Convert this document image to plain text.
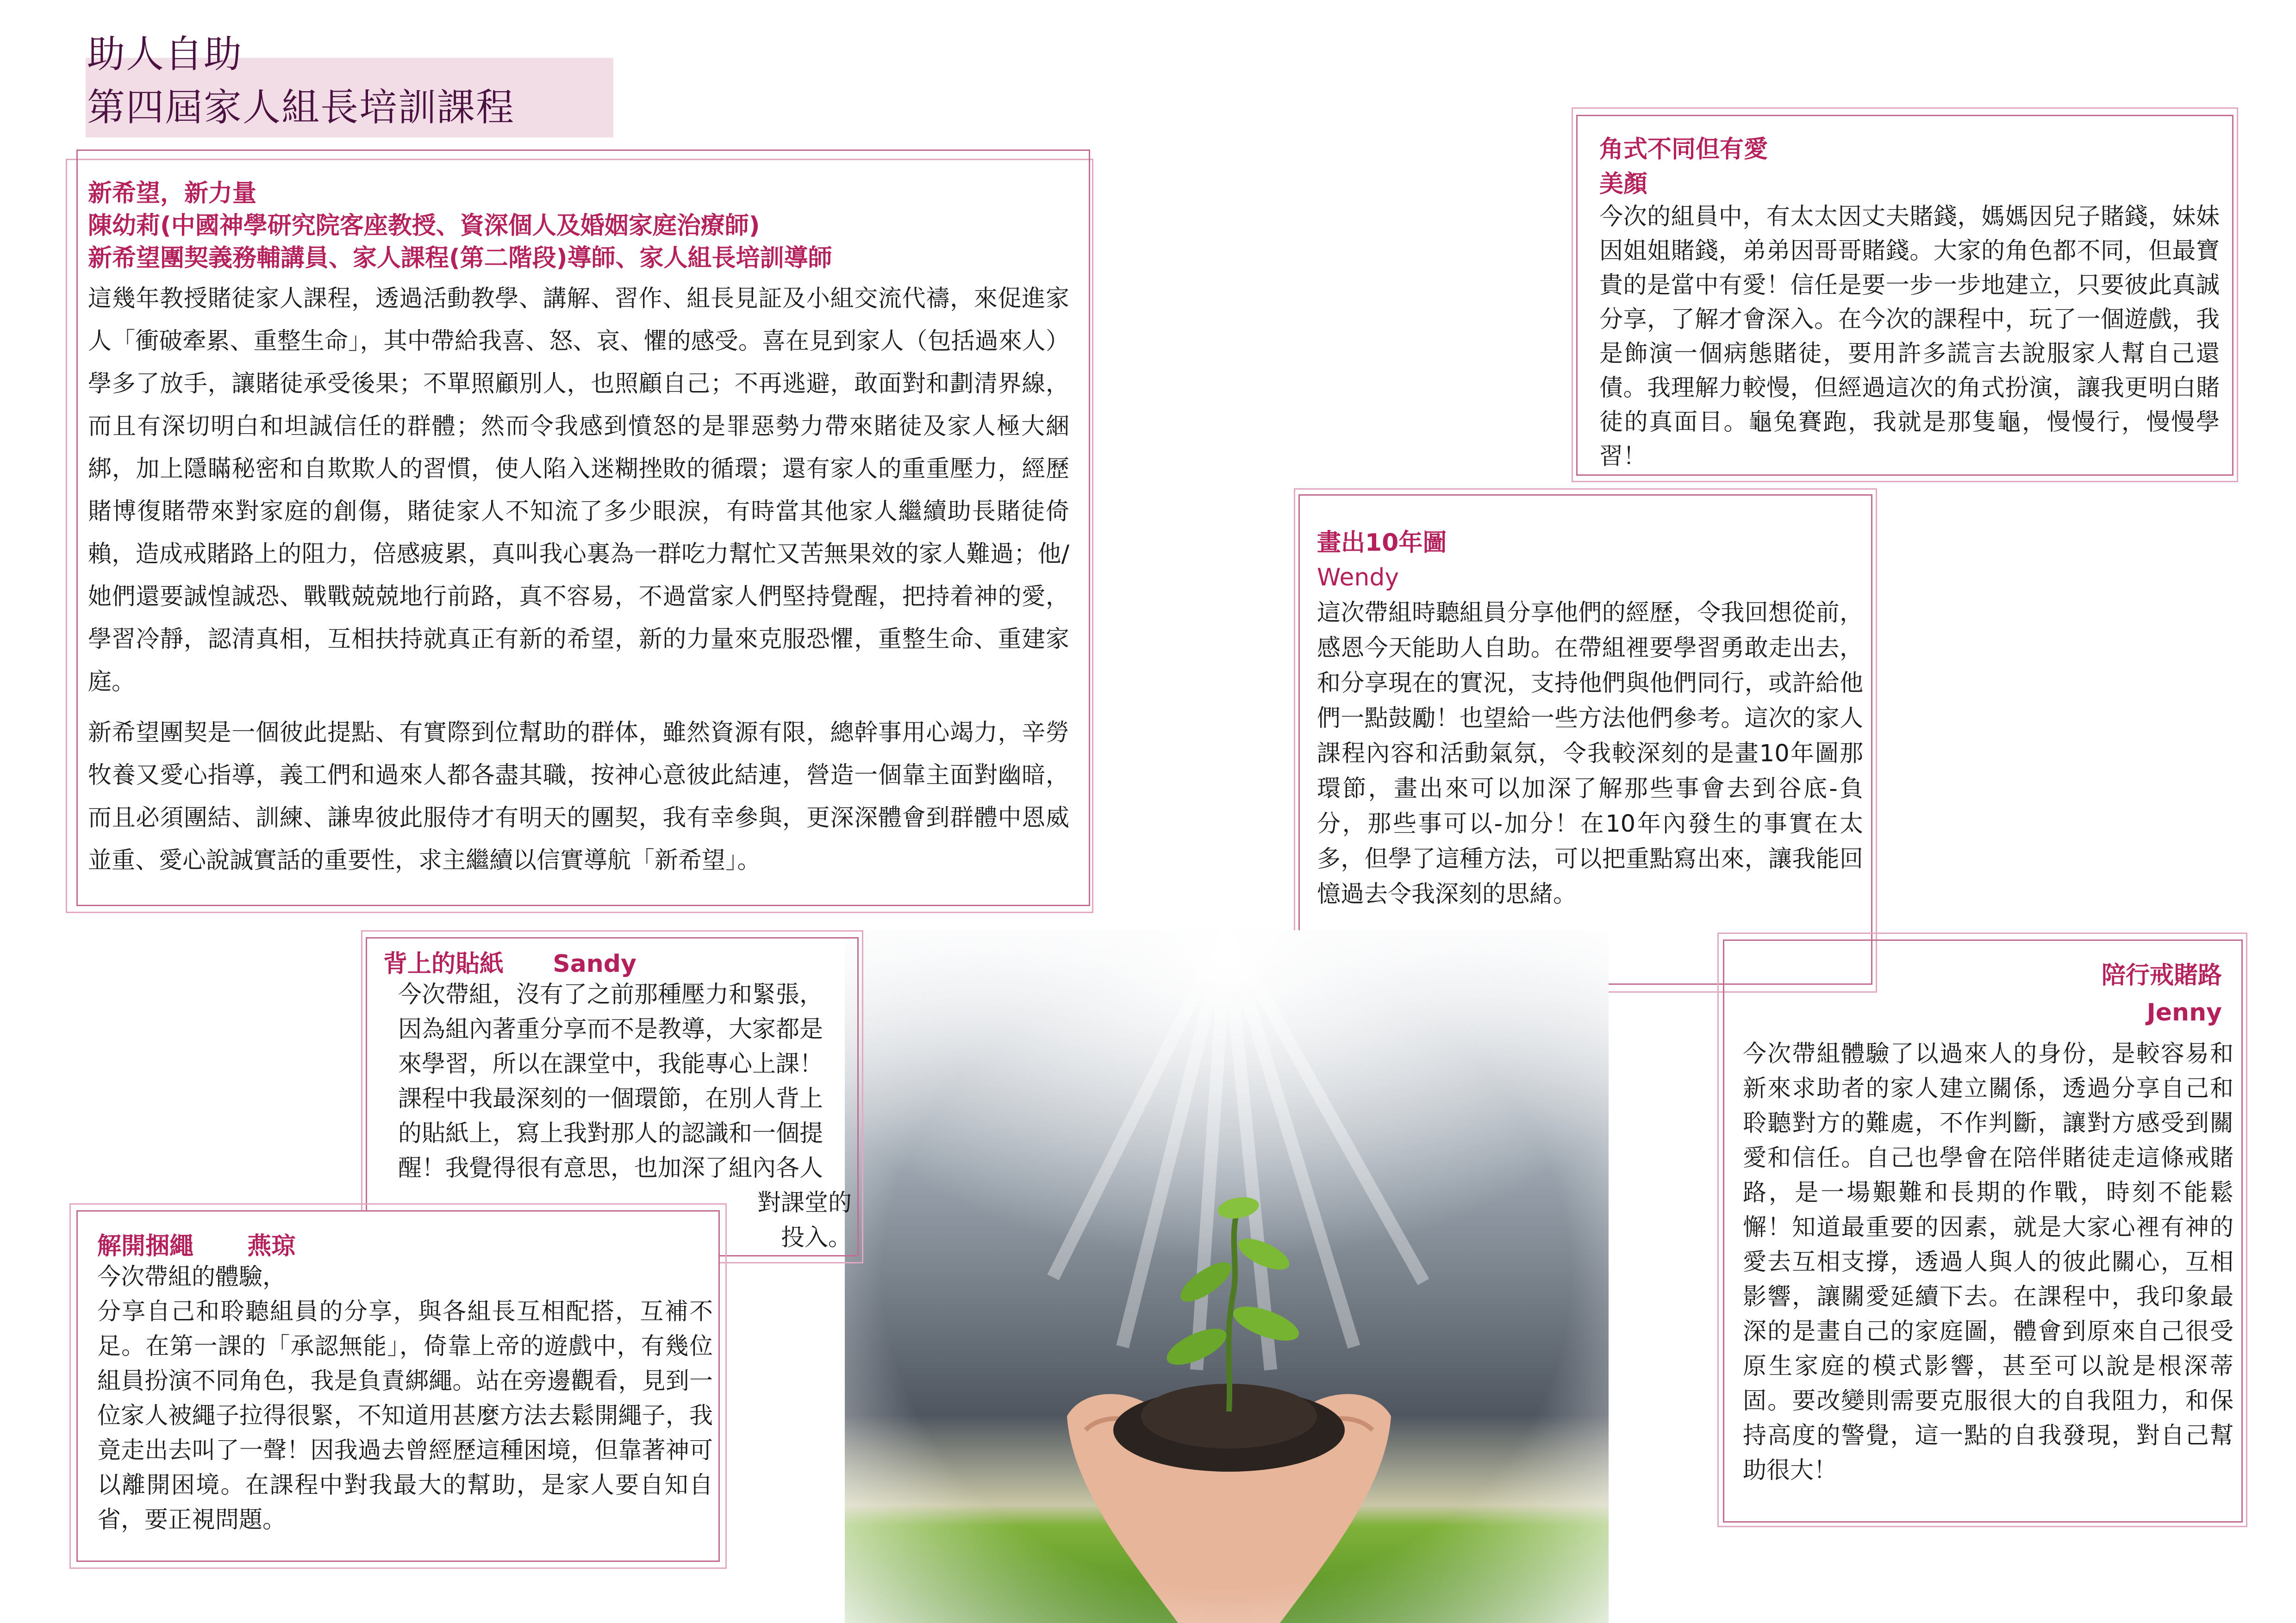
助人自助
第四屆家人組長培訓課程
新希望，新力量
陳幼莉(中國神學研究院客座教授、資深個人及婚姻家庭治療師)
新希望團契義務輔講員、家人課程(第二階段)導師、家人組長培訓導師

這幾年教授賭徒家人課程，透過活動教學、講解、習作、組長見証及小組交流代禱，來促進家人「衝破牽累、重整生命」，其中帶給我喜、怒、哀、懼的感受。喜在見到家人（包括過來人）學多了放手，讓賭徒承受後果；不單照顧別人，也照顧自己；不再逃避，敢面對和劃清界線，而且有深切明白和坦誠信任的群體；然而令我感到憤怒的是罪惡勢力帶來賭徒及家人極大綑綁，加上隱瞞秘密和自欺欺人的習慣，使人陷入迷糊挫敗的循環；還有家人的重重壓力，經歷賭博復賭帶來對家庭的創傷，賭徒家人不知流了多少眼淚，有時當其他家人繼續助長賭徒倚賴，造成戒賭路上的阻力，倍感疲累，真叫我心裏為一群吃力幫忙又苦無果效的家人難過；他/她們還要誠惶誠恐、戰戰兢兢地行前路，真不容易，不過當家人們堅持覺醒，把持着神的愛，學習冷靜，認清真相，互相扶持就真正有新的希望，新的力量來克服恐懼，重整生命、重建家庭。

新希望團契是一個彼此提點、有實際到位幫助的群体，雖然資源有限，總幹事用心竭力，辛勞牧養又愛心指導，義工們和過來人都各盡其職，按神心意彼此結連，營造一個靠主面對幽暗，而且必須團結、訓練、謙卑彼此服侍才有明天的團契，我有幸參與，更深深體會到群體中恩威並重、愛心說誠實話的重要性，求主繼續以信實導航「新希望」。

角式不同但有愛
美顏
今次的組員中，有太太因丈夫賭錢，媽媽因兒子賭錢，妹妹因姐姐賭錢，弟弟因哥哥賭錢。大家的角色都不同，但最寶貴的是當中有愛！信任是要一步一步地建立，只要彼此真誠分享，了解才會深入。在今次的課程中，玩了一個遊戲，我是飾演一個病態賭徒，要用許多謊言去說服家人幫自己還債。我理解力較慢，但經過這次的角式扮演，讓我更明白賭徒的真面目。龜兔賽跑，我就是那隻龜，慢慢行，慢慢學習！
畫出10年圖
Wendy
這次帶組時聽組員分享他們的經歷，令我回想從前，感恩今天能助人自助。在帶組裡要學習勇敢走出去，和分享現在的實況，支持他們與他們同行，或許給他們一點鼓勵！也望給一些方法他們參考。這次的家人課程內容和活動氣氛，令我較深刻的是畫10年圖那環節，畫出來可以加深了解那些事會去到谷底-負分，那些事可以-加分！在10年內發生的事實在太多，但學了這種方法，可以把重點寫出來，讓我能回憶過去令我深刻的思緒。
陪行戒賭路
Jenny
今次帶組體驗了以過來人的身份，是較容易和新來求助者的家人建立關係，透過分享自己和聆聽對方的難處，不作判斷，讓對方感受到關愛和信任。自己也學會在陪伴賭徒走這條戒賭路，是一場艱難和長期的作戰，時刻不能鬆懈！知道最重要的因素，就是大家心裡有神的愛去互相支撐，透過人與人的彼此關心，互相影響，讓關愛延續下去。在課程中，我印象最深的是畫自己的家庭圖，體會到原來自己很受原生家庭的模式影響，甚至可以說是根深蒂固。要改變則需要克服很大的自我阻力，和保持高度的警覺，這一點的自我發現，對自己幫助很大！
背上的貼紙 Sandy
今次帶組，沒有了之前那種壓力和緊張，
因為組內著重分享而不是教導，大家都是
來學習，所以在課堂中，我能專心上課！
課程中我最深刻的一個環節，在別人背上
的貼紙上，寫上我對那人的認識和一個提
醒！我覺得很有意思，也加深了組內各人
對課堂的
投入。
解開捆繩 燕琼
今次帶組的體驗，
分享自己和聆聽組員的分享，與各組長互相配搭，互補不足。在第一課的「承認無能」，倚靠上帝的遊戲中，有幾位組員扮演不同角色，我是負責綁繩。站在旁邊觀看，見到一位家人被繩子拉得很緊，不知道用甚麼方法去鬆開繩子，我竟走出去叫了一聲！因我過去曾經歷這種困境，但靠著神可以離開困境。在課程中對我最大的幫助，是家人要自知自省，要正視問題。
